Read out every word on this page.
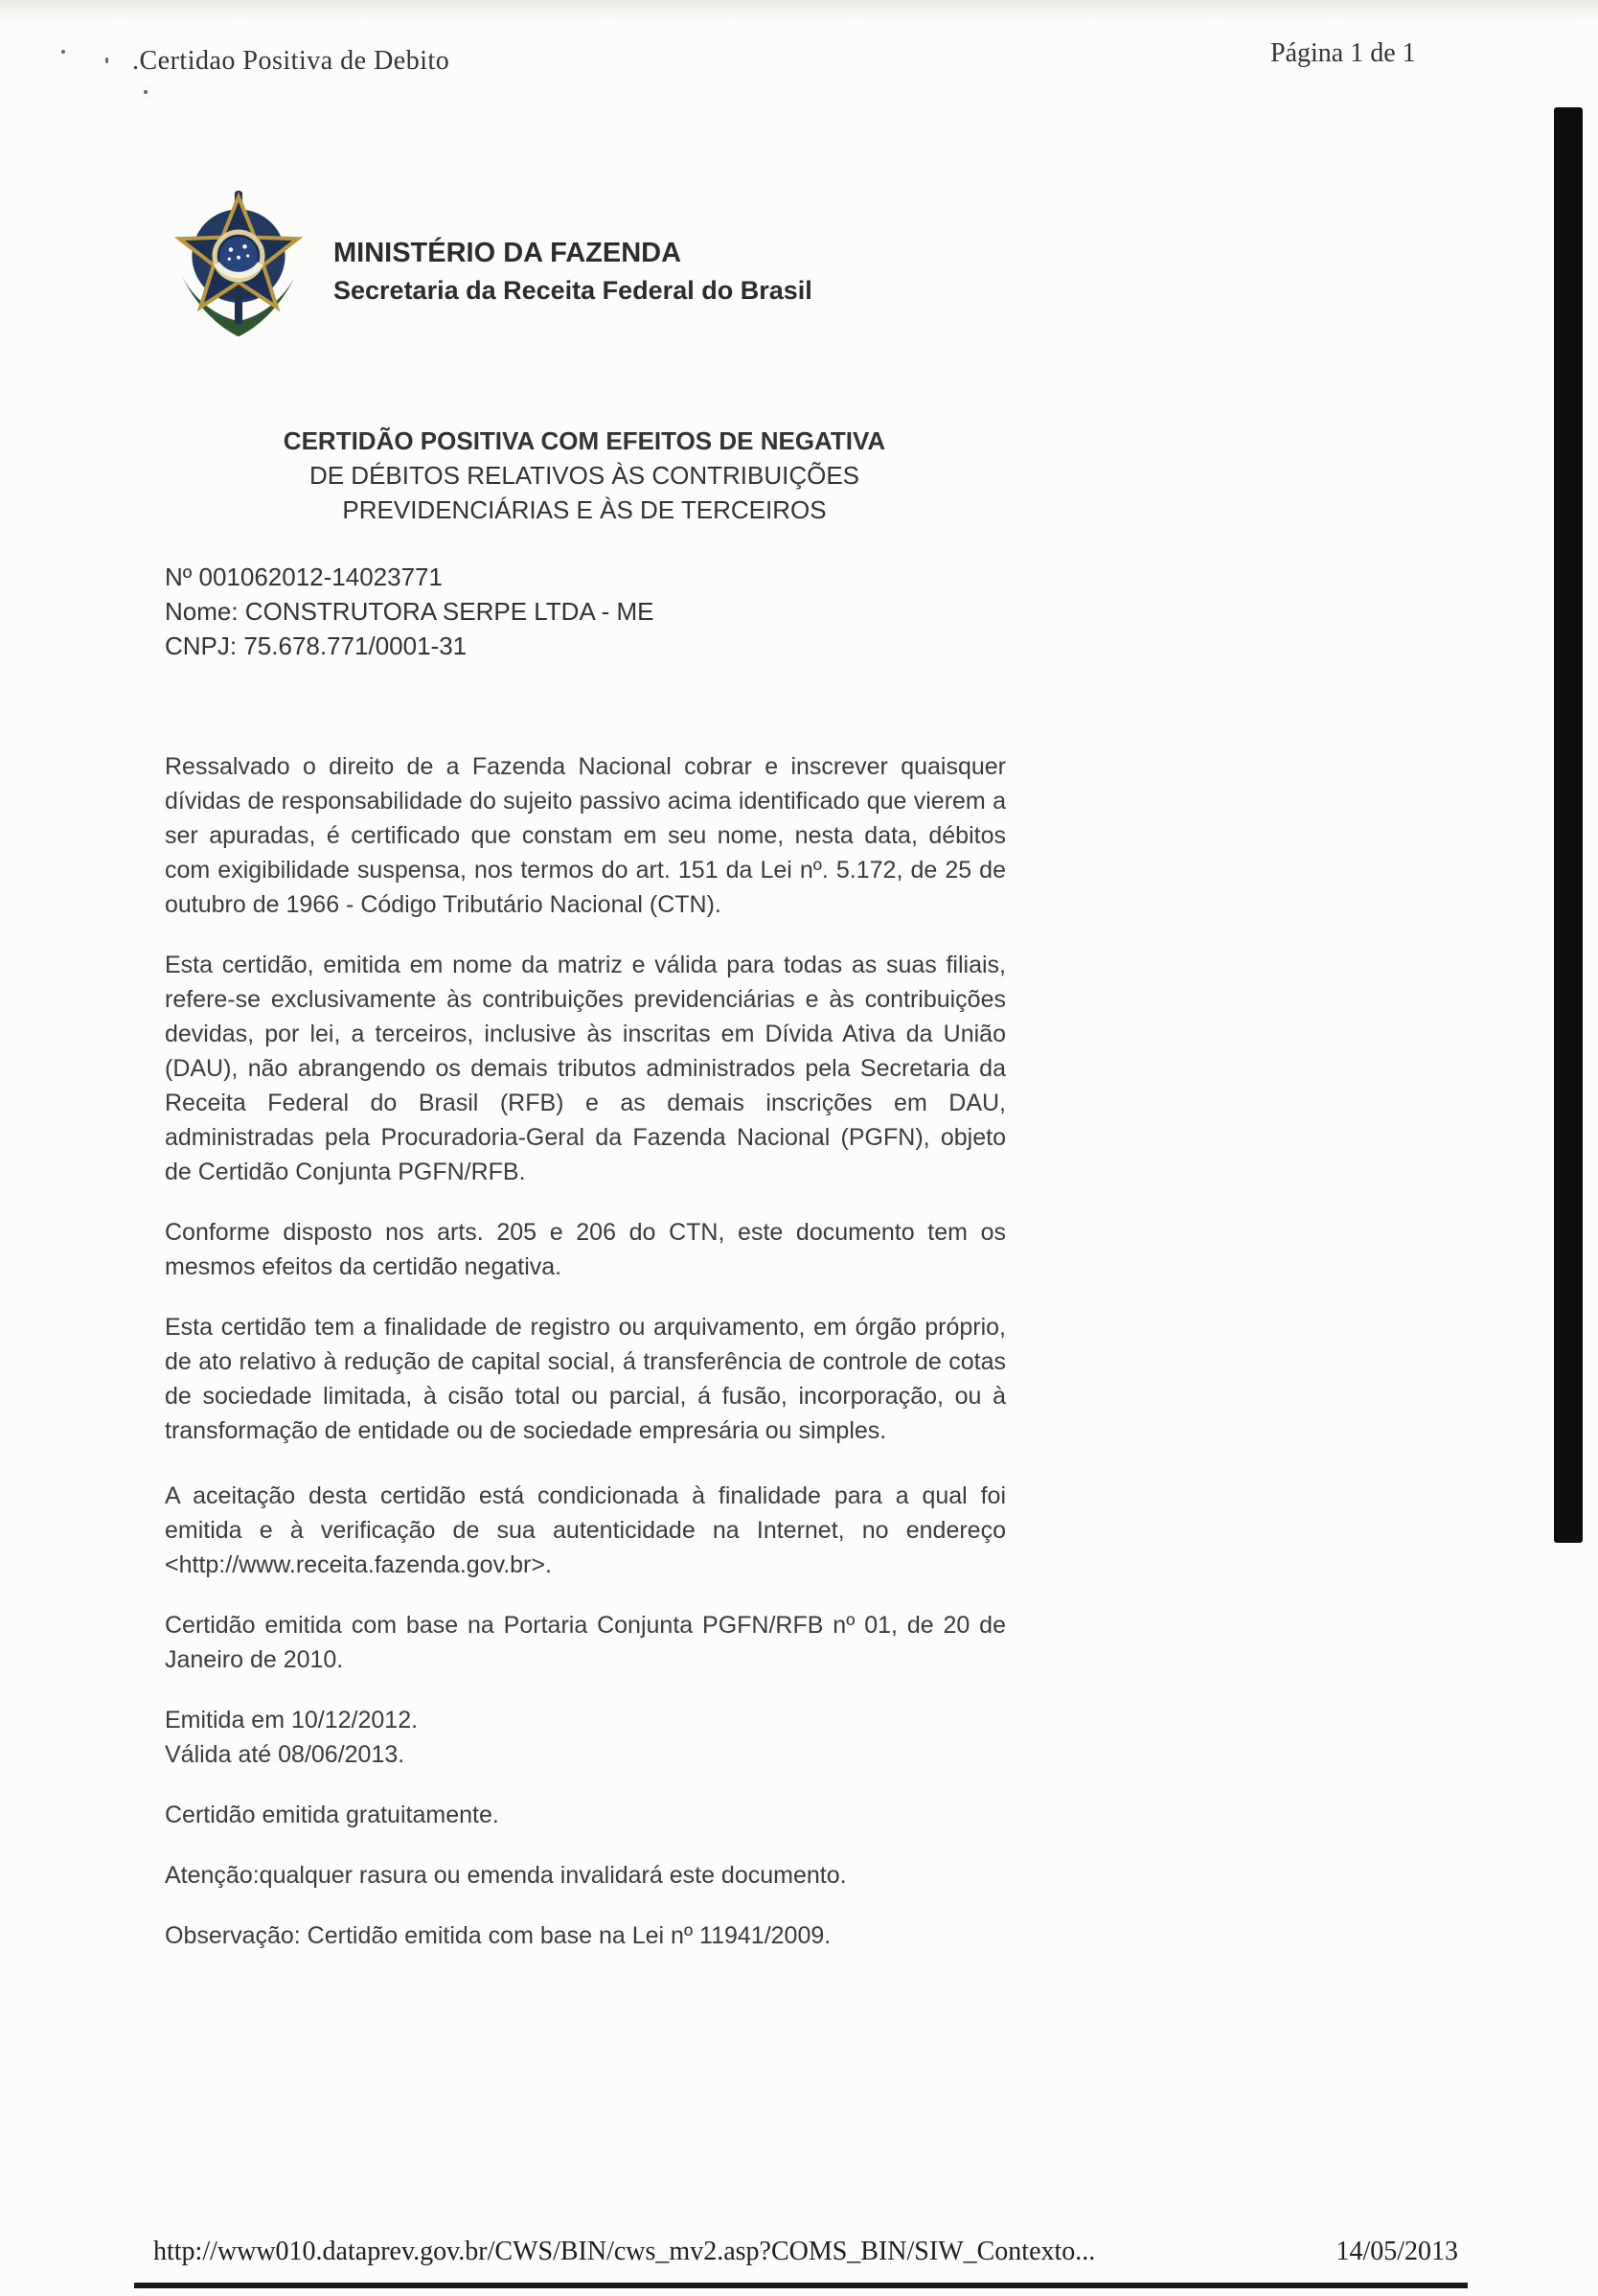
.Certidao Positiva de Debito	Página 1 de 1
MINISTÉRIO DA FAZENDA
Secretaria da Receita Federal do Brasil
CERTIDÃO POSITIVA COM EFEITOS DE NEGATIVA
DE DÉBITOS RELATIVOS ÀS CONTRIBUIÇÕES
PREVIDENCIÁRIAS E ÀS DE TERCEIROS
Nº 001062012-14023771
Nome: CONSTRUTORA SERPE LTDA - ME
CNPJ: 75.678.771/0001-31

Ressalvado o direito de a Fazenda Nacional cobrar e inscrever quaisquer dívidas de responsabilidade do sujeito passivo acima identificado que vierem a ser apuradas, é certificado que constam em seu nome, nesta data, débitos com exigibilidade suspensa, nos termos do art. 151 da Lei nº. 5.172, de 25 de outubro de 1966 - Código Tributário Nacional (CTN).

Esta certidão, emitida em nome da matriz e válida para todas as suas filiais, refere-se exclusivamente às contribuições previdenciárias e às contribuições devidas, por lei, a terceiros, inclusive às inscritas em Dívida Ativa da União (DAU), não abrangendo os demais tributos administrados pela Secretaria da Receita Federal do Brasil (RFB) e as demais inscrições em DAU, administradas pela Procuradoria-Geral da Fazenda Nacional (PGFN), objeto de Certidão Conjunta PGFN/RFB.

Conforme disposto nos arts. 205 e 206 do CTN, este documento tem os mesmos efeitos da certidão negativa.

Esta certidão tem a finalidade de registro ou arquivamento, em órgão próprio, de ato relativo à redução de capital social, á transferência de controle de cotas de sociedade limitada, à cisão total ou parcial, á fusão, incorporação, ou à transformação de entidade ou de sociedade empresária ou simples.

A aceitação desta certidão está condicionada à finalidade para a qual foi emitida e à verificação de sua autenticidade na Internet, no endereço <http://www.receita.fazenda.gov.br>.

Certidão emitida com base na Portaria Conjunta PGFN/RFB nº 01, de 20 de Janeiro de 2010.

Emitida em 10/12/2012.

Válida até 08/06/2013.

Certidão emitida gratuitamente.

Atenção:qualquer rasura ou emenda invalidará este documento.

Observação: Certidão emitida com base na Lei nº 11941/2009.

http://www010.dataprev.gov.br/CWS/BIN/cws_mv2.asp?COMS_BIN/SIW_Contexto...	14/05/2013
